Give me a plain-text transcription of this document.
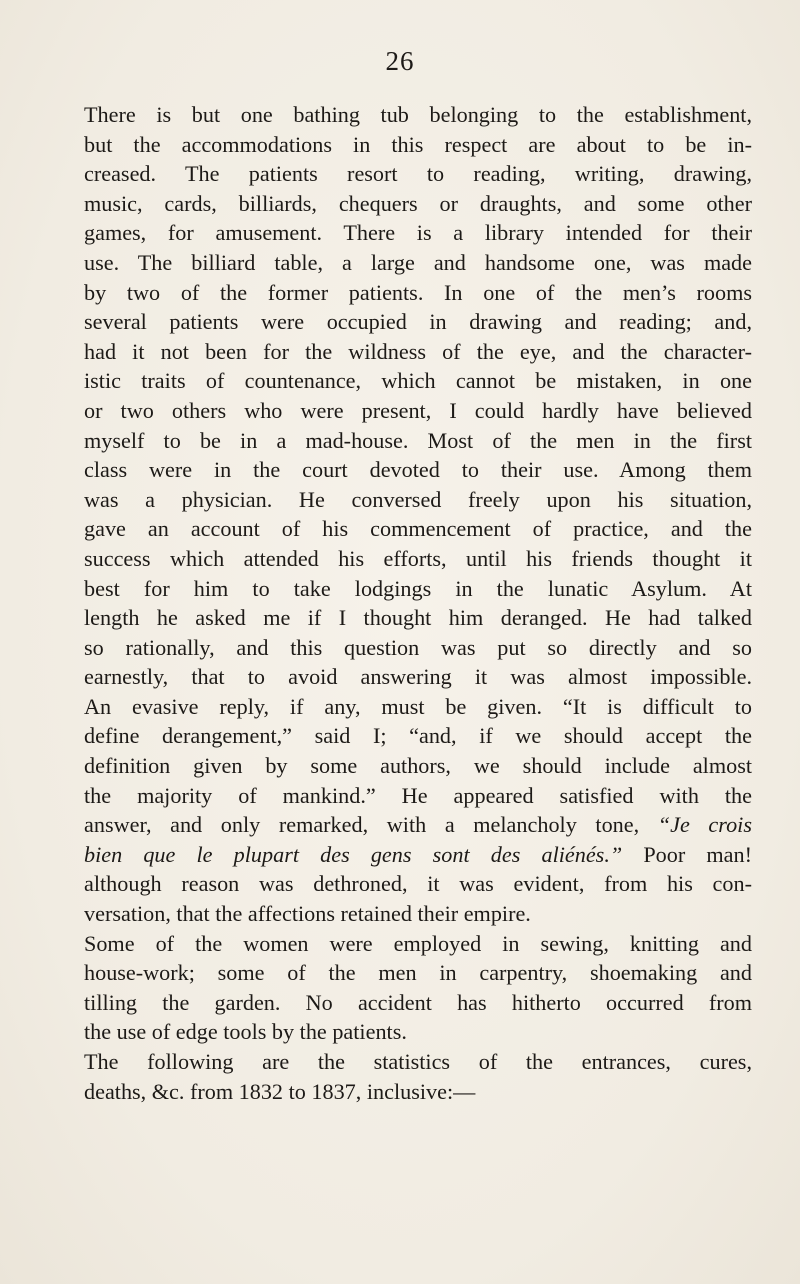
26
There is but one bathing tub belonging to the establishment,
but the accommodations in this respect are about to be in-
creased. The patients resort to reading, writing, drawing,
music, cards, billiards, chequers or draughts, and some other
games, for amusement. There is a library intended for their
use. The billiard table, a large and handsome one, was made
by two of the former patients. In one of the men’s rooms
several patients were occupied in drawing and reading; and,
had it not been for the wildness of the eye, and the character-
istic traits of countenance, which cannot be mistaken, in one
or two others who were present, I could hardly have believed
myself to be in a mad-house. Most of the men in the first
class were in the court devoted to their use. Among them
was a physician. He conversed freely upon his situation,
gave an account of his commencement of practice, and the
success which attended his efforts, until his friends thought it
best for him to take lodgings in the lunatic Asylum. At
length he asked me if I thought him deranged. He had talked
so rationally, and this question was put so directly and so
earnestly, that to avoid answering it was almost impossible.
An evasive reply, if any, must be given. “It is difficult to
define derangement,” said I; “and, if we should accept the
definition given by some authors, we should include almost
the majority of mankind.” He appeared satisfied with the
answer, and only remarked, with a melancholy tone, “Je crois
bien que le plupart des gens sont des aliénés.” Poor man!
although reason was dethroned, it was evident, from his con-
versation, that the affections retained their empire.
Some of the women were employed in sewing, knitting and
house-work; some of the men in carpentry, shoemaking and
tilling the garden. No accident has hitherto occurred from
the use of edge tools by the patients.
The following are the statistics of the entrances, cures,
deaths, &c. from 1832 to 1837, inclusive:—
